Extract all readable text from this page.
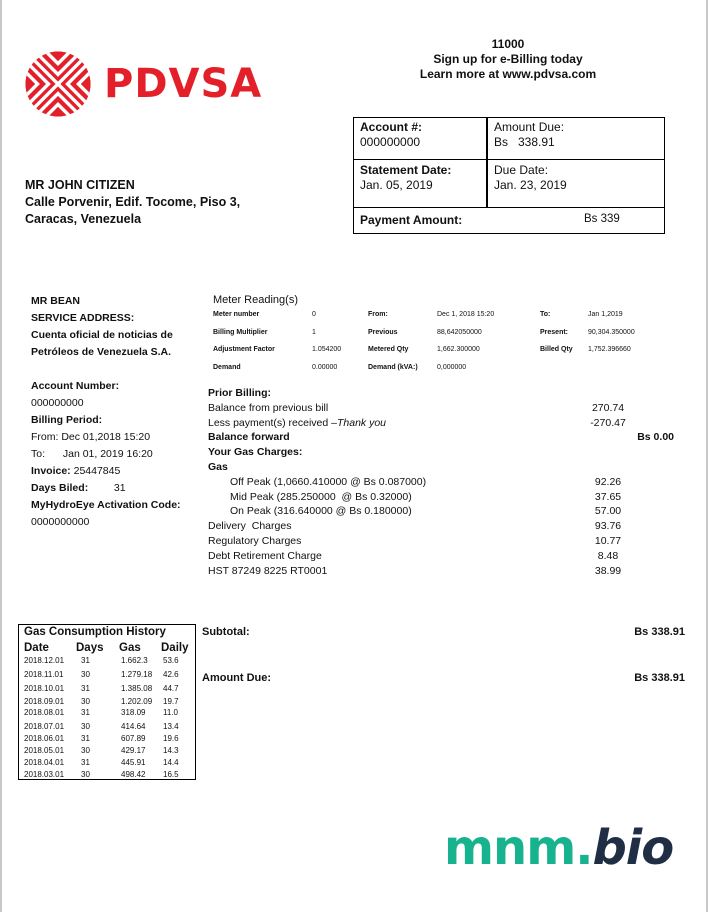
PDVSA
11000
Sign up for e-Billing today
Learn more at www.pdvsa.com
Account #:
000000000
Amount Due:
Bs   338.91
Statement Date:
Jan. 05, 2019
Due Date:
Jan. 23, 2019
Payment Amount:	Bs 339
MR JOHN CITIZEN
Calle Porvenir, Edif. Tocome, Piso 3,
Caracas, Venezuela
MR BEAN
SERVICE ADDRESS:
Cuenta oficial de noticias de
Petróleos de Venezuela S.A.
Account Number:
000000000
Billing Period:
From: Dec 01,2018 15:20
To: Jan 01, 2019 16:20
Invoice: 25447845
Days Biled: 31
MyHydroEye Activation Code:
0000000000
Meter Reading(s)
Meter number	0	From:	Dec 1, 2018 15:20	To:	Jan 1,2019
Billing Multiplier	1	Previous	88,642050000	Present:	90,304.350000
Adjustment Factor	1.054200	Metered Qty	1,662.300000	Billed Qty 1,752.396660
Demand	0.00000	Demand (kVA:)	0,000000
Prior Billing:
Balance from previous bill	270.74
Less payment(s) received –Thank you	-270.47
Balance forward	Bs 0.00
Your Gas Charges:
Gas
Off Peak (1,0660.410000 @ Bs 0.087000)	92.26
Mid Peak (285.250000  @ Bs 0.32000)	37.65
On Peak (316.640000 @ Bs 0.180000)	57.00
Delivery  Charges	93.76
Regulatory Charges	10.77
Debt Retirement Charge	8.48
HST 87249 8225 RT0001	38.99
Gas Consumption History
Date Days Gas Daily
2018.12.01 31	1.662.3 53.6
2018.11.01 30	1.279.18 42.6
2018.10.01 31	1.385.08 44.7
2018.09.01 30	1.202.09 19.7
2018.08.01 31	318.09 11.0
2018.07.01 30	414.64 13.4
2018.06.01 31	607.89 19.6
2018.05.01 30	429.17 14.3
2018.04.01 31	445.91 14.4
2018.03.01 30	498.42 16.5
Subtotal:	Bs 338.91
Amount Due:	Bs 338.91
mnm.bio
